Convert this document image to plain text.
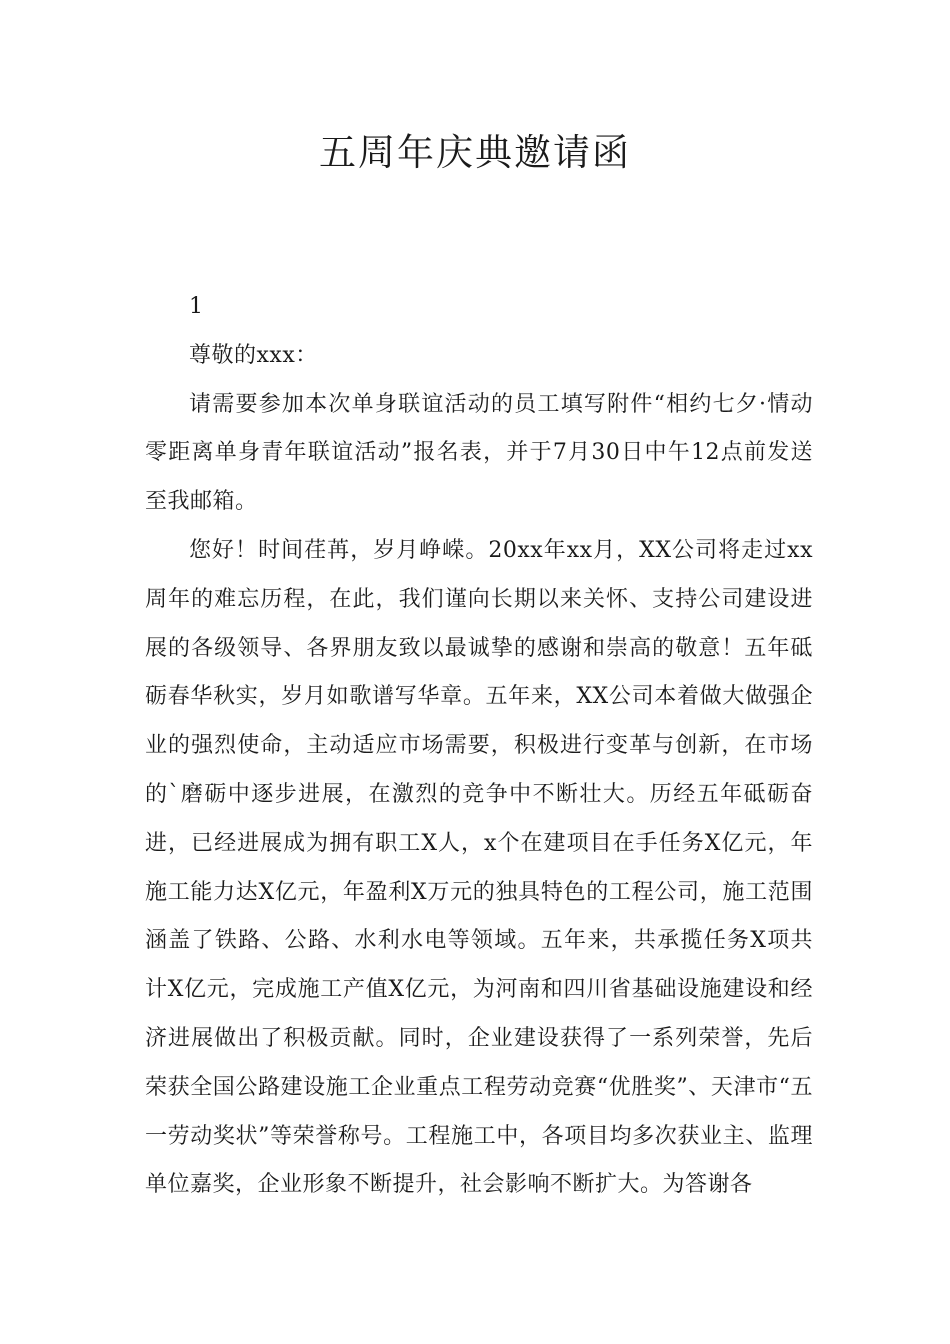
五周年庆典邀请函

1

尊敬的xxx：

请需要参加本次单身联谊活动的员工填写附件“相约七夕·情动零距离单身青年联谊活动”报名表，并于7月30日中午12点前发送至我邮箱。

您好！时间荏苒，岁月峥嵘。20xx年xx月，XX公司将走过xx周年的难忘历程，在此，我们谨向长期以来关怀、支持公司建设进展的各级领导、各界朋友致以最诚挚的感谢和崇高的敬意！五年砥砺春华秋实，岁月如歌谱写华章。五年来，XX公司本着做大做强企业的强烈使命，主动适应市场需要，积极进行变革与创新，在市场的`磨砺中逐步进展，在激烈的竞争中不断壮大。历经五年砥砺奋进，已经进展成为拥有职工X人，x个在建项目在手任务X亿元，年施工能力达X亿元，年盈利X万元的独具特色的工程公司，施工范围涵盖了铁路、公路、水利水电等领域。五年来，共承揽任务X项共计X亿元，完成施工产值X亿元，为河南和四川省基础设施建设和经济进展做出了积极贡献。同时，企业建设获得了一系列荣誉，先后荣获全国公路建设施工企业重点工程劳动竞赛“优胜奖”、天津市“五一劳动奖状”等荣誉称号。工程施工中，各项目均多次获业主、监理单位嘉奖，企业形象不断提升，社会影响不断扩大。为答谢各
